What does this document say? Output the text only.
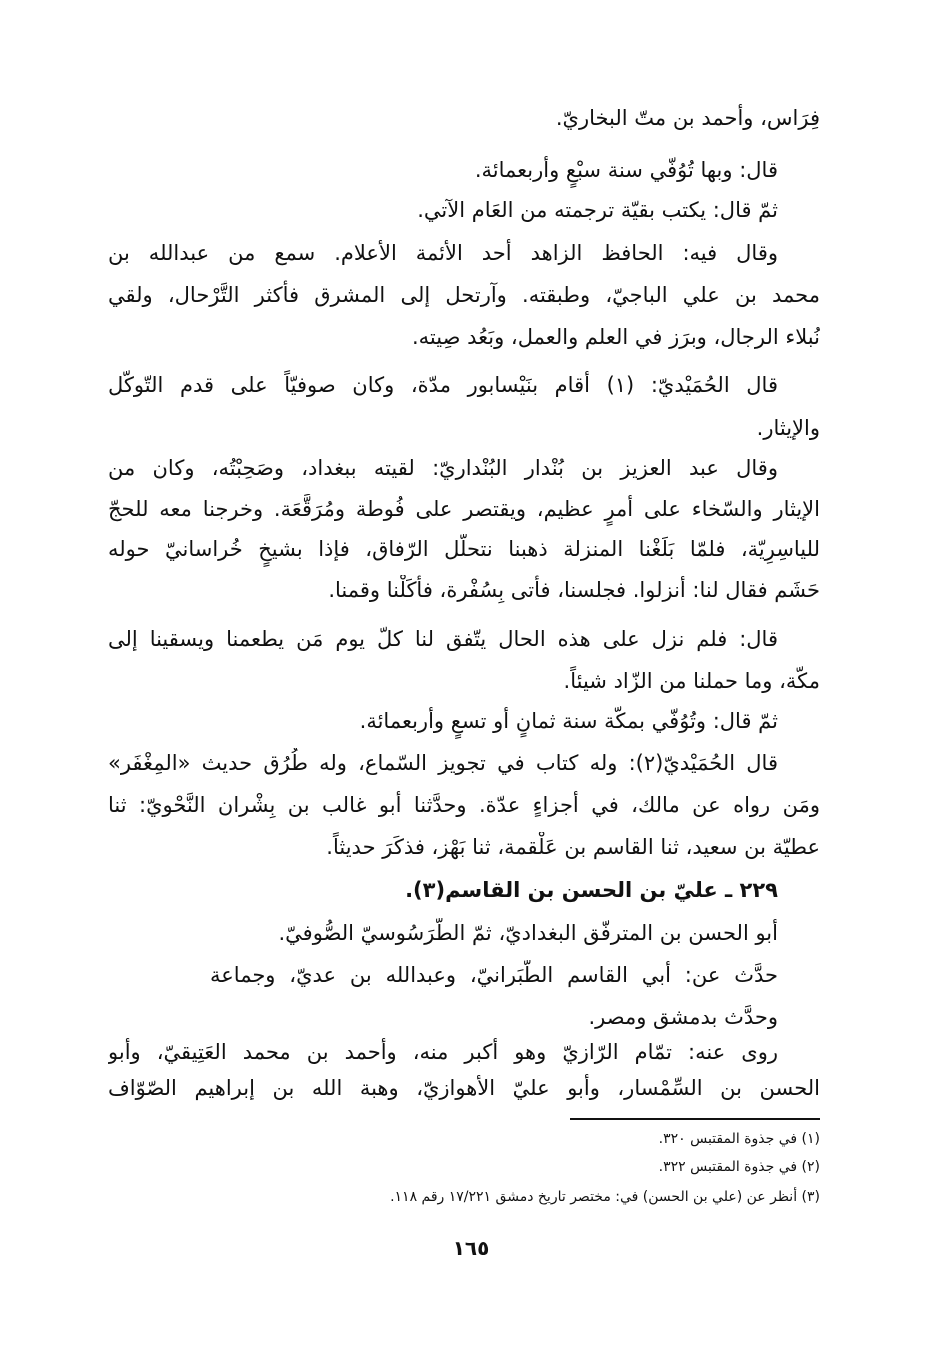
فِرَاس، وأحمد بن متّ البخاريّ.
قال: وبها تُوُفّي سنة سبْعٍ وأربعمائة.
ثمّ قال: يكتب بقيّة ترجمته من العَام الآتي.
وقال فيه: الحافظ الزاهد أحد الأئمة الأعلام. سمع من عبدالله بن
محمد بن علي الباجيّ، وطبقته. وآرتحل إلى المشرق فأكثر التَّرْحال، ولقي
نُبلاء الرجال، وبرَز في العلم والعمل، وبَعُد صِيته.
قال الحُمَيْديّ: (١) أقام بنَيْسابور مدّة، وكان صوفيّاً على قدم التّوكّل
والإيثار.
وقال عبد العزيز بن بُنْدار البُنْداريّ: لقيته ببغداد، وصَحِبْتُه، وكان من
الإيثار والسّخاء على أمرٍ عظيم، ويقتصر على فُوطة ومُرَقَّعَة. وخرجنا معه للحجّ
للياسِرِيّة، فلمّا بَلَغْنا المنزلة ذهبنا نتحلّل الرّفاق، فإذا بشيخٍ خُراسانيّ حوله
حَشَم فقال لنا: أنزلوا. فجلسنا، فأتى بِسُفْرة، فأكَلْنا وقمنا.
قال: فلم نزل على هذه الحال يتّفق لنا كلّ يوم مَن يطعمنا ويسقينا إلى
مكّة، وما حملنا من الزّاد شيئاً.
ثمّ قال: وتُوُفّي بمكّة سنة ثمانٍ أو تسعٍ وأربعمائة.
قال الحُمَيْديّ(٢): وله كتاب في تجويز السّماع، وله طُرُق حديث «المِغْفَر»
ومَن رواه عن مالك، في أجزاءٍ عدّة. وحدَّثنا أبو غالب بن بِشْران النَّحْويّ: ثنا
عطيّة بن سعيد، ثنا القاسم بن عَلْقمة، ثنا بَهْز، فذكَرَ حديثاً.
٢٢٩ ـ عليّ بن الحسن بن القاسم(٣).
أبو الحسن بن المترفّق البغداديّ، ثمّ الطَّرَسُوسيّ الصُّوفيّ.
حدَّث عن: أبي القاسم الطَّبَرانيّ، وعبدالله بن عديّ، وجماعة
وحدَّث بدمشق ومصر.
روى عنه: تمّام الرّازيّ وهو أكبر منه، وأحمد بن محمد العَتِيقيّ، وأبو
الحسن بن السِّمْسار، وأبو عليّ الأهوازيّ، وهبة الله بن إبراهيم الصّوّاف
(١) في جذوة المقتبس ٣٢٠.
(٢) في جذوة المقتبس ٣٢٢.
(٣) أنظر عن (علي بن الحسن) في: مختصر تاريخ دمشق ١٧/٢٢١ رقم ١١٨.
١٦٥
